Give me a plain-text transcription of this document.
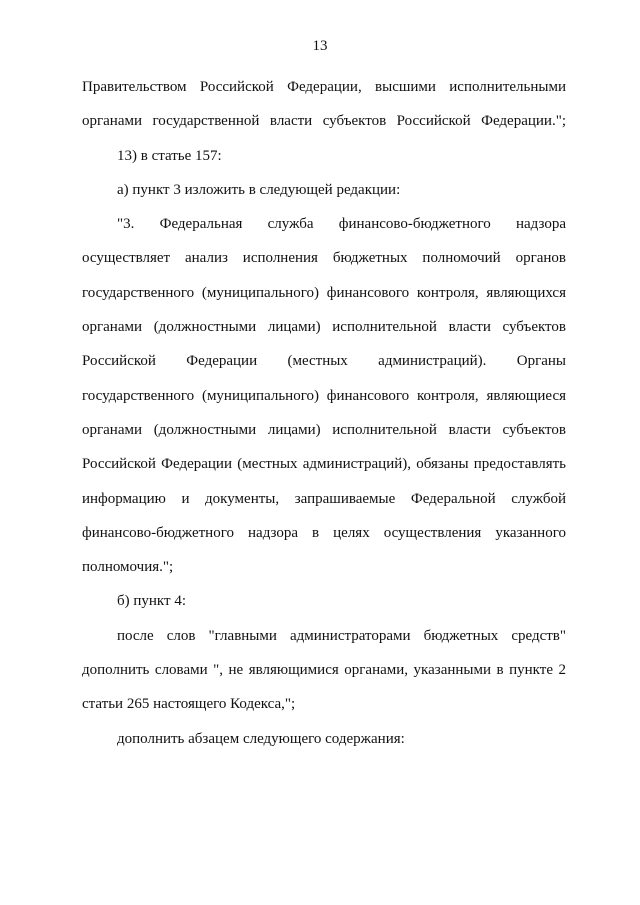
13
Правительством Российской Федерации, высшими исполнительными
органами государственной власти субъектов Российской Федерации.";
13) в статье 157:
а) пункт 3 изложить в следующей редакции:
"3. Федеральная служба финансово-бюджетного надзора
осуществляет анализ исполнения бюджетных полномочий органов
государственного (муниципального) финансового контроля, являющихся
органами (должностными лицами) исполнительной власти субъектов
Российской Федерации (местных администраций). Органы
государственного (муниципального) финансового контроля, являющиеся
органами (должностными лицами) исполнительной власти субъектов
Российской Федерации (местных администраций), обязаны предоставлять
информацию и документы, запрашиваемые Федеральной службой
финансово-бюджетного надзора в целях осуществления указанного
полномочия.";
б) пункт 4:
после слов "главными администраторами бюджетных средств"
дополнить словами ", не являющимися органами, указанными в пункте 2
статьи 265 настоящего Кодекса,";
дополнить абзацем следующего содержания:
